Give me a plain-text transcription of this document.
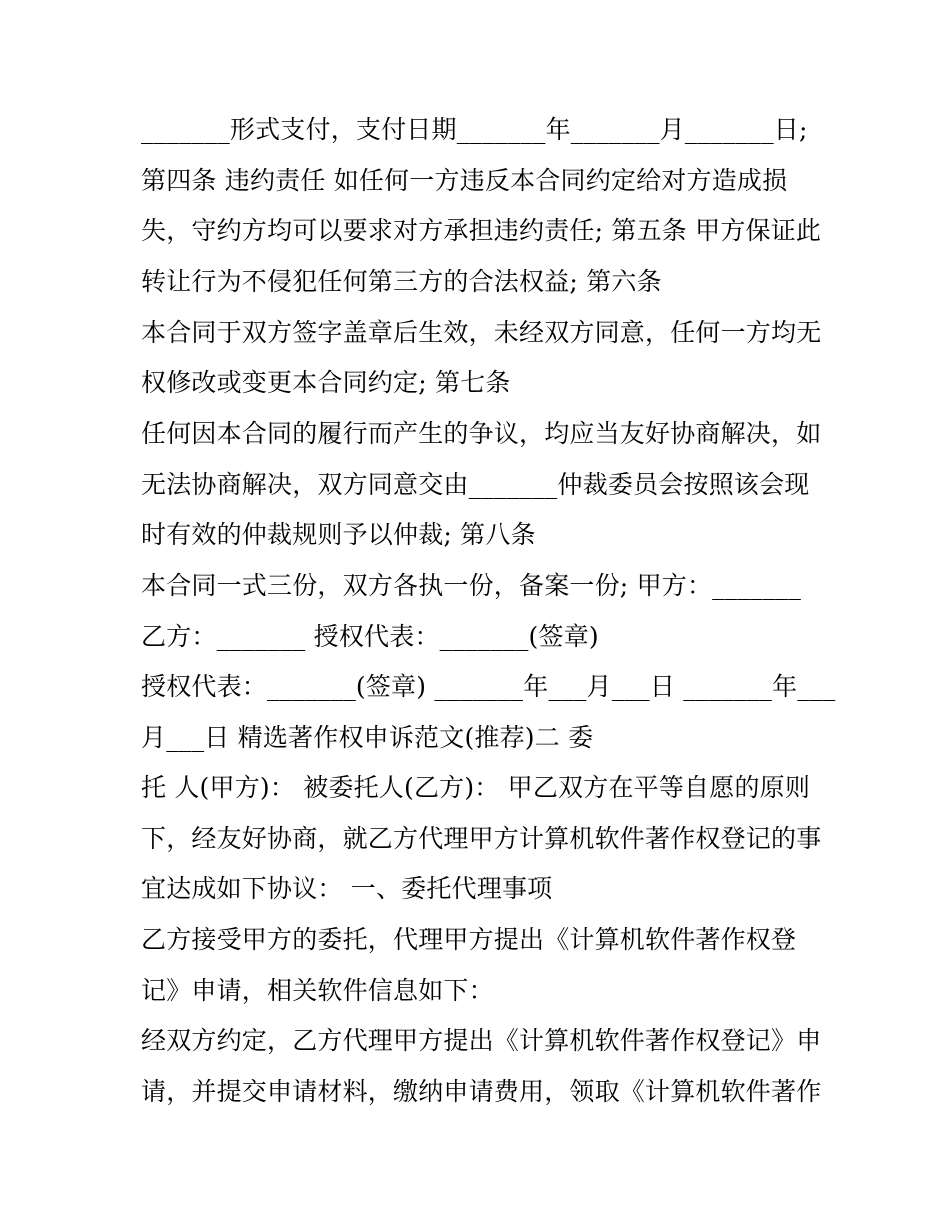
_______形式支付，支付日期_______年_______月_______日;
第四条 违约责任 如任何一方违反本合同约定给对方造成损
失，守约方均可以要求对方承担违约责任; 第五条 甲方保证此
转让行为不侵犯任何第三方的合法权益; 第六条
本合同于双方签字盖章后生效，未经双方同意，任何一方均无
权修改或变更本合同约定; 第七条
任何因本合同的履行而产生的争议，均应当友好协商解决，如
无法协商解决，双方同意交由_______仲裁委员会按照该会现
时有效的仲裁规则予以仲裁; 第八条
本合同一式三份，双方各执一份，备案一份; 甲方：_______
乙方：_______ 授权代表：_______(签章)
授权代表：_______(签章) _______年___月___日 _______年___
月___日 精选著作权申诉范文(推荐)二 委
托 人(甲方)： 被委托人(乙方)： 甲乙双方在平等自愿的原则
下，经友好协商，就乙方代理甲方计算机软件著作权登记的事
宜达成如下协议： 一、委托代理事项
乙方接受甲方的委托，代理甲方提出《计算机软件著作权登
记》申请，相关软件信息如下：
经双方约定，乙方代理甲方提出《计算机软件著作权登记》申
请，并提交申请材料，缴纳申请费用，领取《计算机软件著作
